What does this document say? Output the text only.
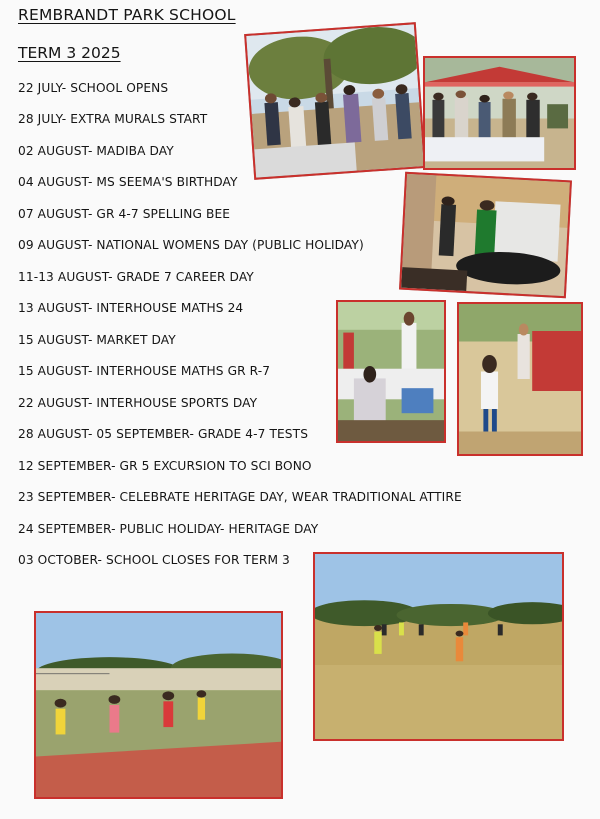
REMBRANDT PARK SCHOOL
TERM 3 2025
22 JULY- SCHOOL OPENS
28 JULY- EXTRA MURALS START
02 AUGUST- MADIBA DAY
04 AUGUST- MS SEEMA'S BIRTHDAY
07 AUGUST- GR 4-7 SPELLING BEE
09 AUGUST- NATIONAL WOMENS DAY (PUBLIC HOLIDAY)
11-13 AUGUST- GRADE 7 CAREER DAY
13 AUGUST- INTERHOUSE MATHS 24
15 AUGUST- MARKET DAY
15 AUGUST- INTERHOUSE MATHS GR R-7
22 AUGUST- INTERHOUSE SPORTS DAY
28 AUGUST- 05 SEPTEMBER- GRADE 4-7 TESTS
12 SEPTEMBER- GR 5 EXCURSION TO SCI BONO
23 SEPTEMBER- CELEBRATE HERITAGE DAY, WEAR TRADITIONAL ATTIRE
24 SEPTEMBER- PUBLIC HOLIDAY- HERITAGE DAY
03 OCTOBER- SCHOOL CLOSES FOR TERM 3
